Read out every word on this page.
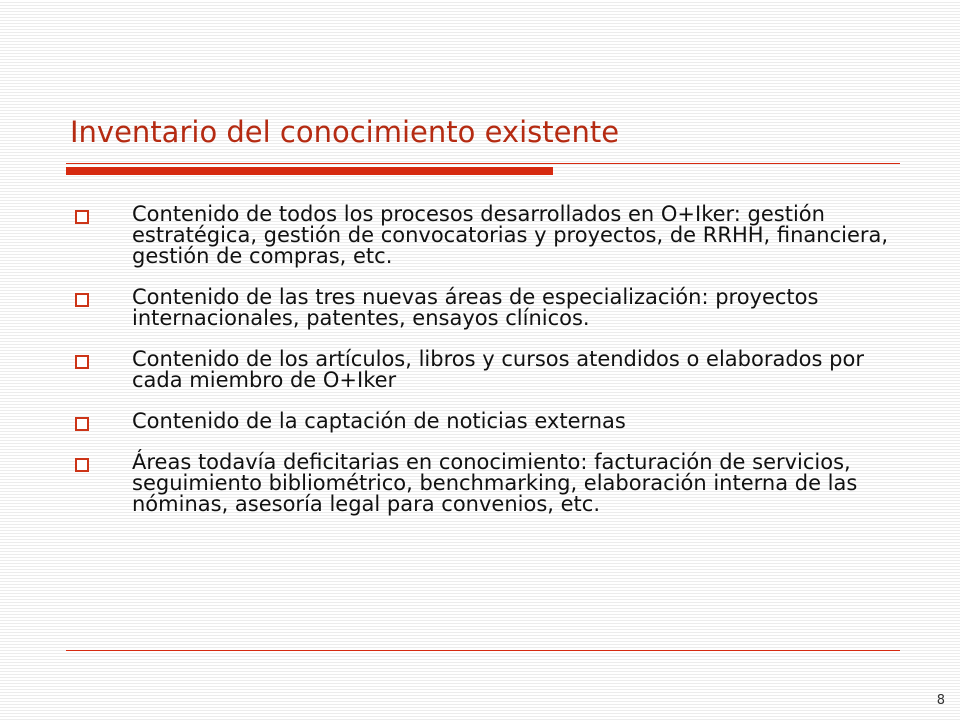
Inventario del conocimiento existente
Contenido de todos los procesos desarrollados en O+Iker: gestión estratégica, gestión de convocatorias y proyectos, de RRHH, financiera, gestión de compras, etc.
Contenido de las tres nuevas áreas de especialización: proyectos internacionales, patentes, ensayos clínicos.
Contenido de los artículos, libros y cursos atendidos o elaborados por cada miembro de O+Iker
Contenido de la captación de noticias externas
Áreas todavía deficitarias en conocimiento: facturación de servicios, seguimiento bibliométrico, benchmarking, elaboración interna de las nóminas, asesoría legal para convenios, etc.
8
